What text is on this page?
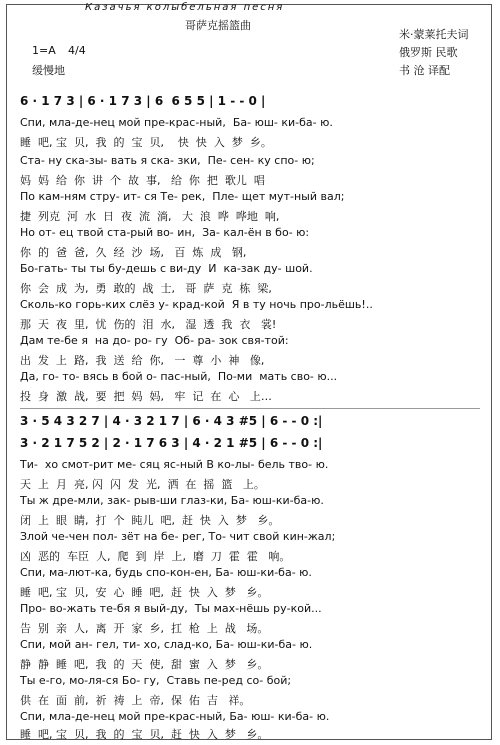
Казачья колыбельная песня
哥萨克摇篮曲
米·蒙莱托夫词
俄罗斯 民歌
书 沧 译配
1=A 4/4
缓慢地
6 · 1 7 3 | 6 · 1 7 3 | 6  6 5 5 | 1 - - 0 |
Спи, мла-де-нец мой пре-крас-ный,  Ба- юш- ки-ба- ю.
睡  吧, 宝  贝,  我  的  宝  贝,    快  快  入  梦  乡。
Ста- ну ска-зы- вать я ска- зки,  Пе- сен- ку спо- ю;
妈  妈  给  你  讲  个  故  事,   给  你  把  歌儿  唱
По кам-ням стру- ит- ся Те- рек,  Пле- щет мут-ный вал;
捷  列克  河  水  日  夜  流  淌,   大  浪  哗  哗地  响,
Но от- ец твой ста-рый во- ин,  За- кал-ён в бо- ю:
你  的  爸  爸,  久  经  沙  场,   百  炼  成   钢,
Бо-гать- ты ты бу-дешь с ви-ду  И  ка-зак ду- шой.
你  会  成  为,  勇  敢的  战  士,   哥  萨  克  栋  梁,
Сколь-ко горь-ких слёз у- крад-кой  Я в ту ночь про-льёшь!..
那  天  夜  里,  忧  伤的  泪  水,   湿  透  我  衣   裳!
Дам те-бе я  на до- ро- гу  Об- ра- зок свя-той:
出  发  上  路,  我  送  给  你,   一  尊  小  神   像,
Да, го- то- вясь в бой о- пас-ный,  По-ми  мать сво- ю...
投  身  激  战,  要  把  妈  妈,   牢  记  在  心   上…
3 · 5 4 3 2 7 | 4 · 3 2 1 7 | 6 · 4 3 #5 | 6 - - 0 :|
3 · 2 1 7 5 2 | 2 · 1 7 6 3 | 4 · 2 1 #5 | 6 - - 0 :|
Ти-  хо смот-рит ме- сяц яс-ный В ко-лы- бель тво- ю.
天  上  月  亮, 闪  闪  发  光,  洒  在  摇  篮   上。
Ты ж дре-мли, зак- рыв-ши глаз-ки, Ба- юш-ки-ба-ю.
闭  上  眼  睛,  打  个  盹儿  吧,  赶  快  入  梦   乡。
Злой че-чен пол- зёт на бе- рег, То- чит свой кин-жал;
凶  恶的  车臣  人,  爬  到  岸  上,  磨  刀  霍  霍   响。
Спи, ма-лют-ка, будь спо-кон-ен, Ба- юш-ки-ба- ю.
睡  吧, 宝  贝,  安  心  睡  吧,  赶  快  入  梦   乡。
Про- во-жать те-бя я вый-ду,  Ты мах-нёшь ру-кой...
告  别  亲  人,  离  开  家  乡,  扛  枪  上  战   场。
Спи, мой ан- гел, ти- хо, слад-ко, Ба- юш-ки-ба- ю.
静  静  睡  吧,  我  的  天  使,  甜  蜜  入  梦   乡。
Ты е-го, мо-ля-ся Бо- гу,  Ставь пе-ред со- бой;
供  在  面  前,  祈  祷  上  帝,  保  佑  吉   祥。
Спи, мла-де-нец мой пре-крас-ный, Ба- юш- ки-ба- ю.
睡  吧, 宝  贝,  我  的  宝  贝,  赶  快  入  梦   乡。
